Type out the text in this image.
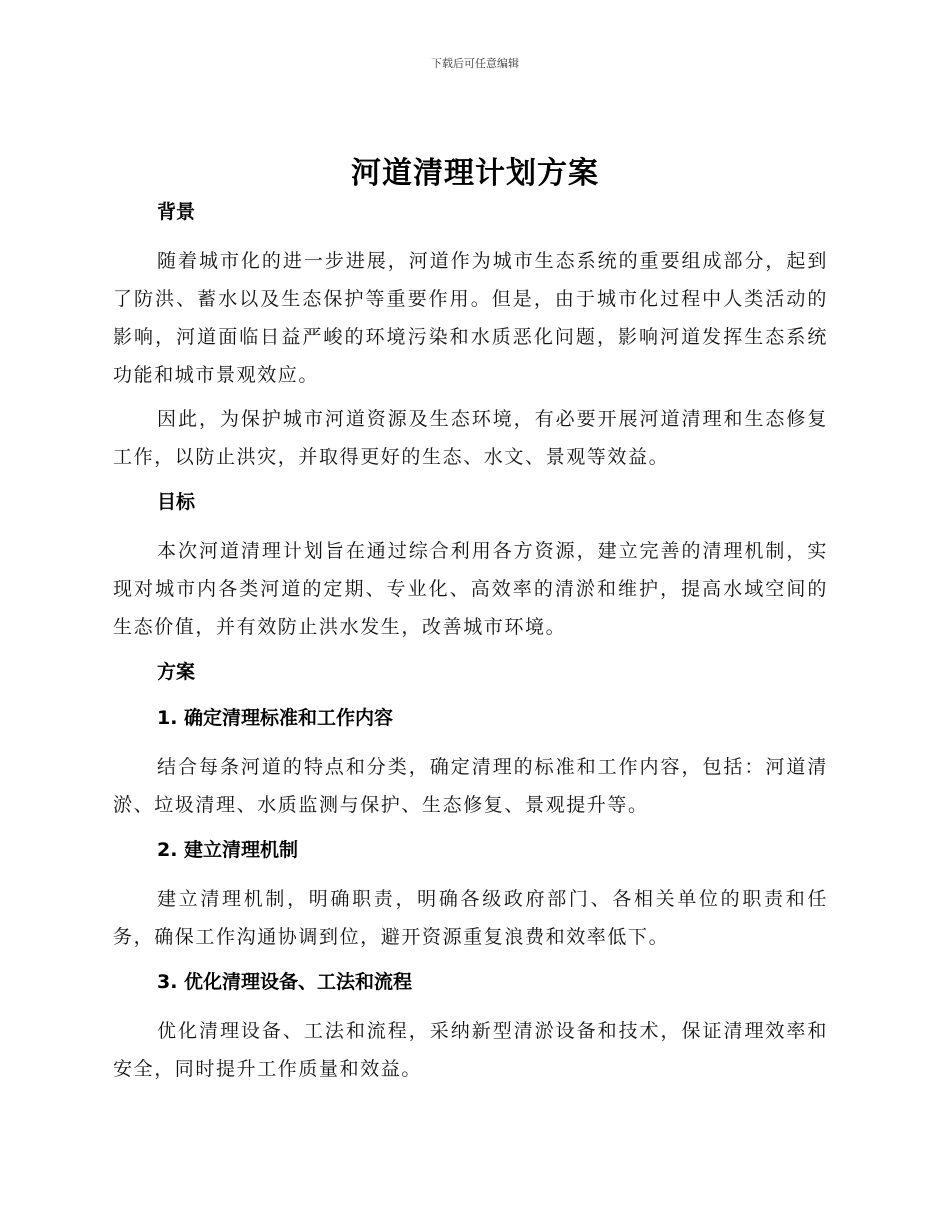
下载后可任意编辑
河道清理计划方案
背景

随着城市化的进一步进展，河道作为城市生态系统的重要组成部分，起到了防洪、蓄水以及生态保护等重要作用。但是，由于城市化过程中人类活动的影响，河道面临日益严峻的环境污染和水质恶化问题，影响河道发挥生态系统功能和城市景观效应。

因此，为保护城市河道资源及生态环境，有必要开展河道清理和生态修复工作，以防止洪灾，并取得更好的生态、水文、景观等效益。

目标

本次河道清理计划旨在通过综合利用各方资源，建立完善的清理机制，实现对城市内各类河道的定期、专业化、高效率的清淤和维护，提高水域空间的生态价值，并有效防止洪水发生，改善城市环境。

方案
1. 确定清理标准和工作内容

结合每条河道的特点和分类，确定清理的标准和工作内容，包括：河道清淤、垃圾清理、水质监测与保护、生态修复、景观提升等。

2. 建立清理机制

建立清理机制，明确职责，明确各级政府部门、各相关单位的职责和任务，确保工作沟通协调到位，避开资源重复浪费和效率低下。

3. 优化清理设备、工法和流程

优化清理设备、工法和流程，采纳新型清淤设备和技术，保证清理效率和安全，同时提升工作质量和效益。
